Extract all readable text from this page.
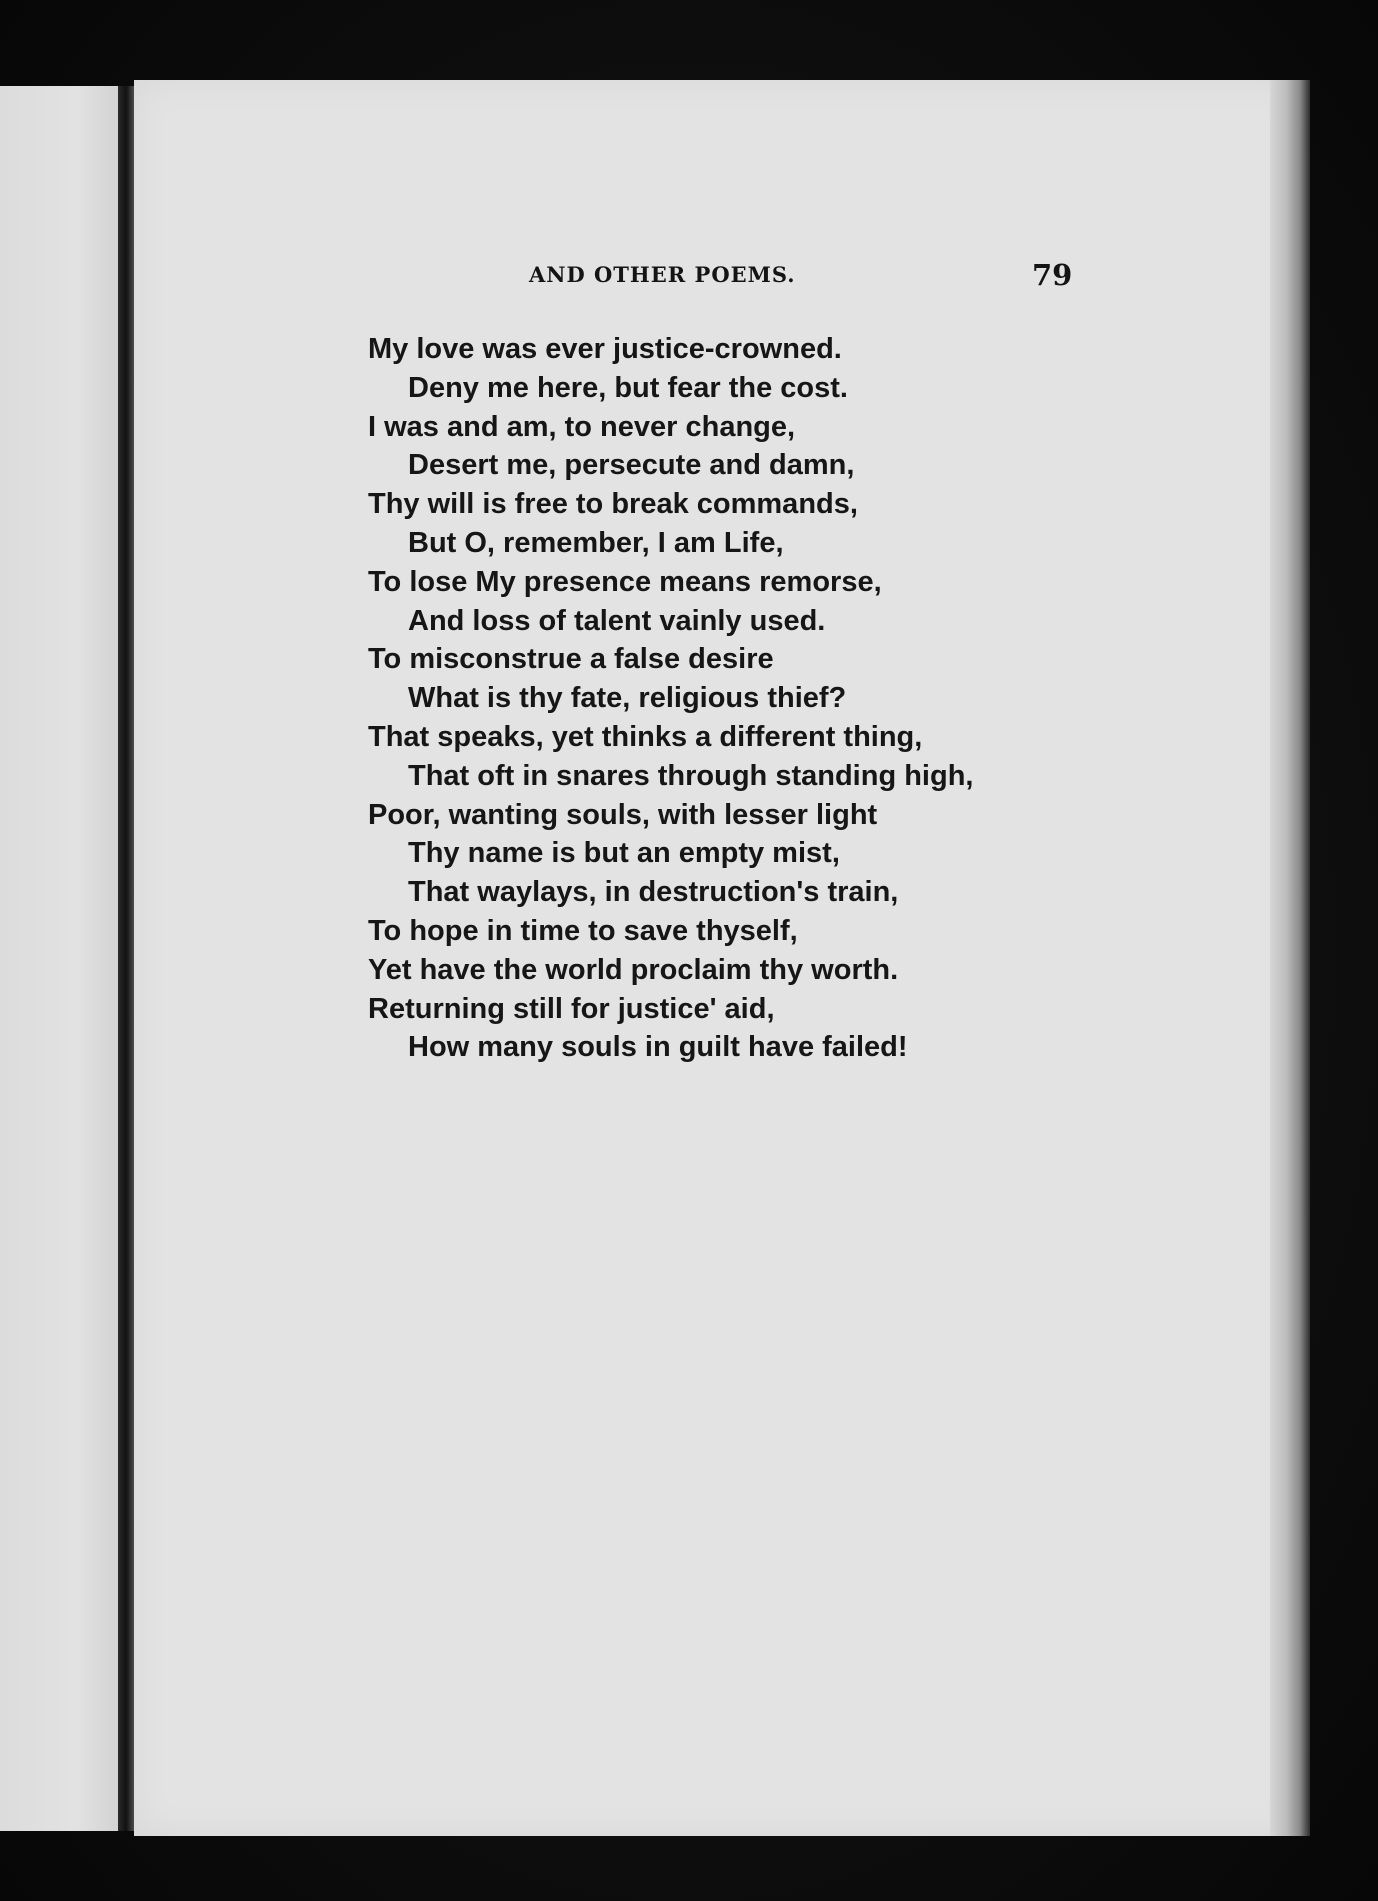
AND OTHER POEMS.	79
My love was ever justice-crowned.
Deny me here, but fear the cost.
I was and am, to never change,
Desert me, persecute and damn,
Thy will is free to break commands,
But O, remember, I am Life,
To lose My presence means remorse,
And loss of talent vainly used.
To misconstrue a false desire
What is thy fate, religious thief?
That speaks, yet thinks a different thing,
That oft in snares through standing high,
Poor, wanting souls, with lesser light
Thy name is but an empty mist,
That waylays, in destruction's train,
To hope in time to save thyself,
Yet have the world proclaim thy worth.
Returning still for justice' aid,
How many souls in guilt have failed!
